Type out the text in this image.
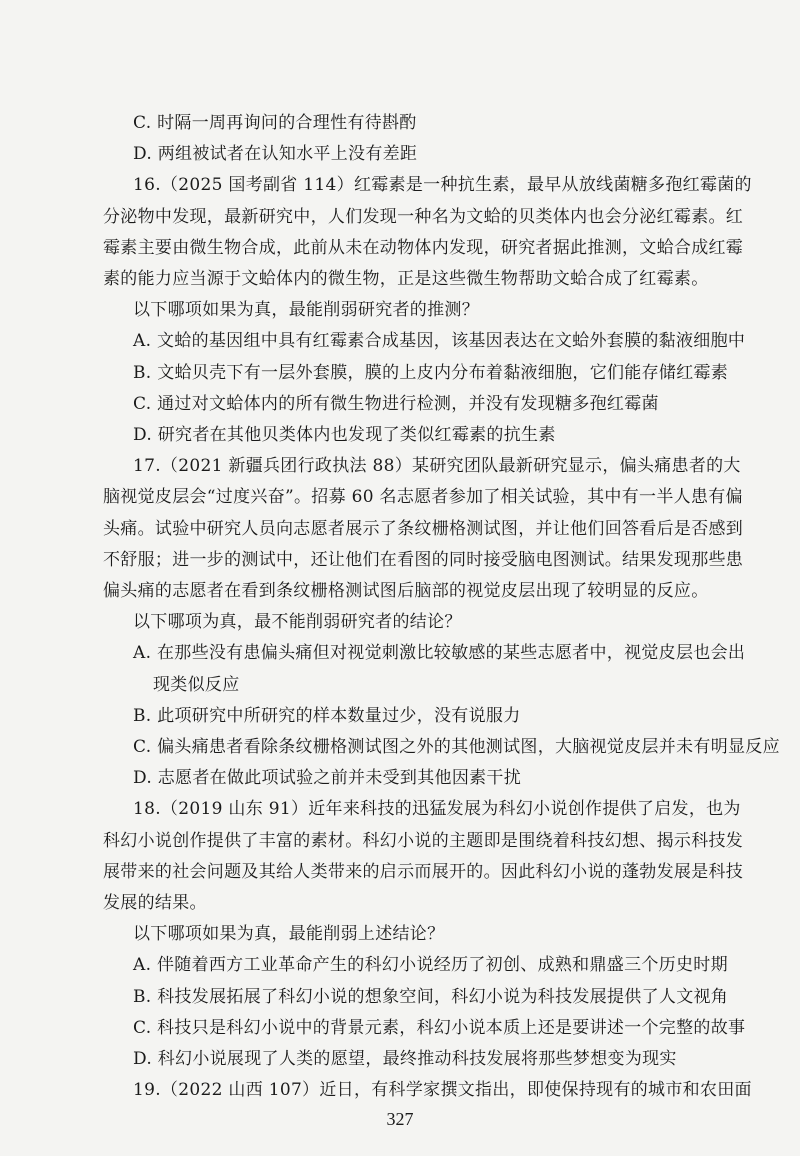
C. 时隔一周再询问的合理性有待斟酌
D. 两组被试者在认知水平上没有差距
16.（2025 国考副省 114）红霉素是一种抗生素，最早从放线菌糖多孢红霉菌的
分泌物中发现，最新研究中，人们发现一种名为文蛤的贝类体内也会分泌红霉素。红
霉素主要由微生物合成，此前从未在动物体内发现，研究者据此推测，文蛤合成红霉
素的能力应当源于文蛤体内的微生物，正是这些微生物帮助文蛤合成了红霉素。
以下哪项如果为真，最能削弱研究者的推测？
A. 文蛤的基因组中具有红霉素合成基因，该基因表达在文蛤外套膜的黏液细胞中
B. 文蛤贝壳下有一层外套膜，膜的上皮内分布着黏液细胞，它们能存储红霉素
C. 通过对文蛤体内的所有微生物进行检测，并没有发现糖多孢红霉菌
D. 研究者在其他贝类体内也发现了类似红霉素的抗生素
17.（2021 新疆兵团行政执法 88）某研究团队最新研究显示，偏头痛患者的大
脑视觉皮层会“过度兴奋”。招募 60 名志愿者参加了相关试验，其中有一半人患有偏
头痛。试验中研究人员向志愿者展示了条纹栅格测试图，并让他们回答看后是否感到
不舒服；进一步的测试中，还让他们在看图的同时接受脑电图测试。结果发现那些患
偏头痛的志愿者在看到条纹栅格测试图后脑部的视觉皮层出现了较明显的反应。
以下哪项为真，最不能削弱研究者的结论？
A. 在那些没有患偏头痛但对视觉刺激比较敏感的某些志愿者中，视觉皮层也会出
现类似反应
B. 此项研究中所研究的样本数量过少，没有说服力
C. 偏头痛患者看除条纹栅格测试图之外的其他测试图，大脑视觉皮层并未有明显反应
D. 志愿者在做此项试验之前并未受到其他因素干扰
18.（2019 山东 91）近年来科技的迅猛发展为科幻小说创作提供了启发，也为
科幻小说创作提供了丰富的素材。科幻小说的主题即是围绕着科技幻想、揭示科技发
展带来的社会问题及其给人类带来的启示而展开的。因此科幻小说的蓬勃发展是科技
发展的结果。
以下哪项如果为真，最能削弱上述结论？
A. 伴随着西方工业革命产生的科幻小说经历了初创、成熟和鼎盛三个历史时期
B. 科技发展拓展了科幻小说的想象空间，科幻小说为科技发展提供了人文视角
C. 科技只是科幻小说中的背景元素，科幻小说本质上还是要讲述一个完整的故事
D. 科幻小说展现了人类的愿望，最终推动科技发展将那些梦想变为现实
19.（2022 山西 107）近日，有科学家撰文指出，即使保持现有的城市和农田面
327
